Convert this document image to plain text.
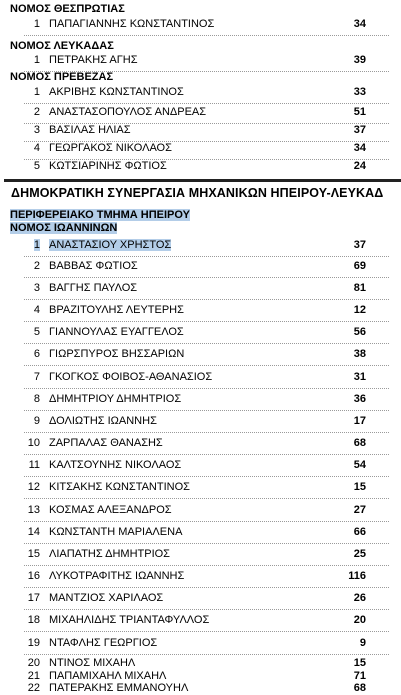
ΝΟΜΟΣ ΘΕΣΠΡΩΤΙΑΣ
1 ΠΑΠΑΓΙΑΝΝΗΣ ΚΩΝΣΤΑΝΤΙΝΟΣ	34
ΝΟΜΟΣ ΛΕΥΚΑΔΑΣ
1 ΠΕΤΡΑΚΗΣ ΑΓΗΣ	39
ΝΟΜΟΣ ΠΡΕΒΕΖΑΣ
1 ΑΚΡΙΒΗΣ ΚΩΝΣΤΑΝΤΙΝΟΣ	33
2 ΑΝΑΣΤΑΣΟΠΟΥΛΟΣ ΑΝΔΡΕΑΣ	51
3 ΒΑΣΙΛΑΣ ΗΛΙΑΣ	37
4 ΓΕΩΡΓΑΚΟΣ ΝΙΚΟΛΑΟΣ	34
5 ΚΩΤΣΙΑΡΙΝΗΣ ΦΩΤΙΟΣ	24
ΔΗΜΟΚΡΑΤΙΚΗ ΣΥΝΕΡΓΑΣΙΑ ΜΗΧΑΝΙΚΩΝ ΗΠΕΙΡΟΥ-ΛΕΥΚΑΔ
ΠΕΡΙΦΕΡΕΙΑΚΟ ΤΜΗΜΑ ΗΠΕΙΡΟΥ
ΝΟΜΟΣ ΙΩΑΝΝΙΝΩΝ
1 ΑΝΑΣΤΑΣΙΟΥ ΧΡΗΣΤΟΣ	37
2 ΒΑΒΒΑΣ ΦΩΤΙΟΣ	69
3 ΒΑΓΓΗΣ ΠΑΥΛΟΣ	81
4 ΒΡΑΖΙΤΟΥΛΗΣ ΛΕΥΤΕΡΗΣ	12
5 ΓΙΑΝΝΟΥΛΑΣ ΕΥΑΓΓΕΛΟΣ	56
6 ΓΙΩΡΣΠΥΡΟΣ ΒΗΣΣΑΡΙΩΝ	38
7 ΓΚΟΓΚΟΣ ΦΟΙΒΟΣ-ΑΘΑΝΑΣΙΟΣ	31
8 ΔΗΜΗΤΡΙΟΥ ΔΗΜΗΤΡΙΟΣ	36
9 ΔΟΛΙΩΤΗΣ ΙΩΑΝΝΗΣ	17
10 ΖΑΡΠΑΛΑΣ ΘΑΝΑΣΗΣ	68
11 ΚΑΛΤΣΟΥΝΗΣ ΝΙΚΟΛΑΟΣ	54
12 ΚΙΤΣΑΚΗΣ ΚΩΝΣΤΑΝΤΙΝΟΣ	15
13 ΚΟΣΜΑΣ ΑΛΕΞΑΝΔΡΟΣ	27
14 ΚΩΝΣΤΑΝΤΗ ΜΑΡΙΑΛΕΝΑ	66
15 ΛΙΑΠΑΤΗΣ ΔΗΜΗΤΡΙΟΣ	25
16 ΛΥΚΟΤΡΑΦΙΤΗΣ ΙΩΑΝΝΗΣ	116
17 ΜΑΝΤΖΙΟΣ ΧΑΡΙΛΑΟΣ	26
18 ΜΙΧΑΗΛΙΔΗΣ ΤΡΙΑΝΤΑΦΥΛΛΟΣ	20
19 ΝΤΑΦΛΗΣ ΓΕΩΡΓΙΟΣ	9
20 ΝΤΙΝΟΣ ΜΙΧΑΗΛ	15
21 ΠΑΠΑΜΙΧΑΗΛ ΜΙΧΑΗΛ	71
22 ΠΑΤΕΡΑΚΗΣ ΕΜΜΑΝΟΥΗΛ	68
